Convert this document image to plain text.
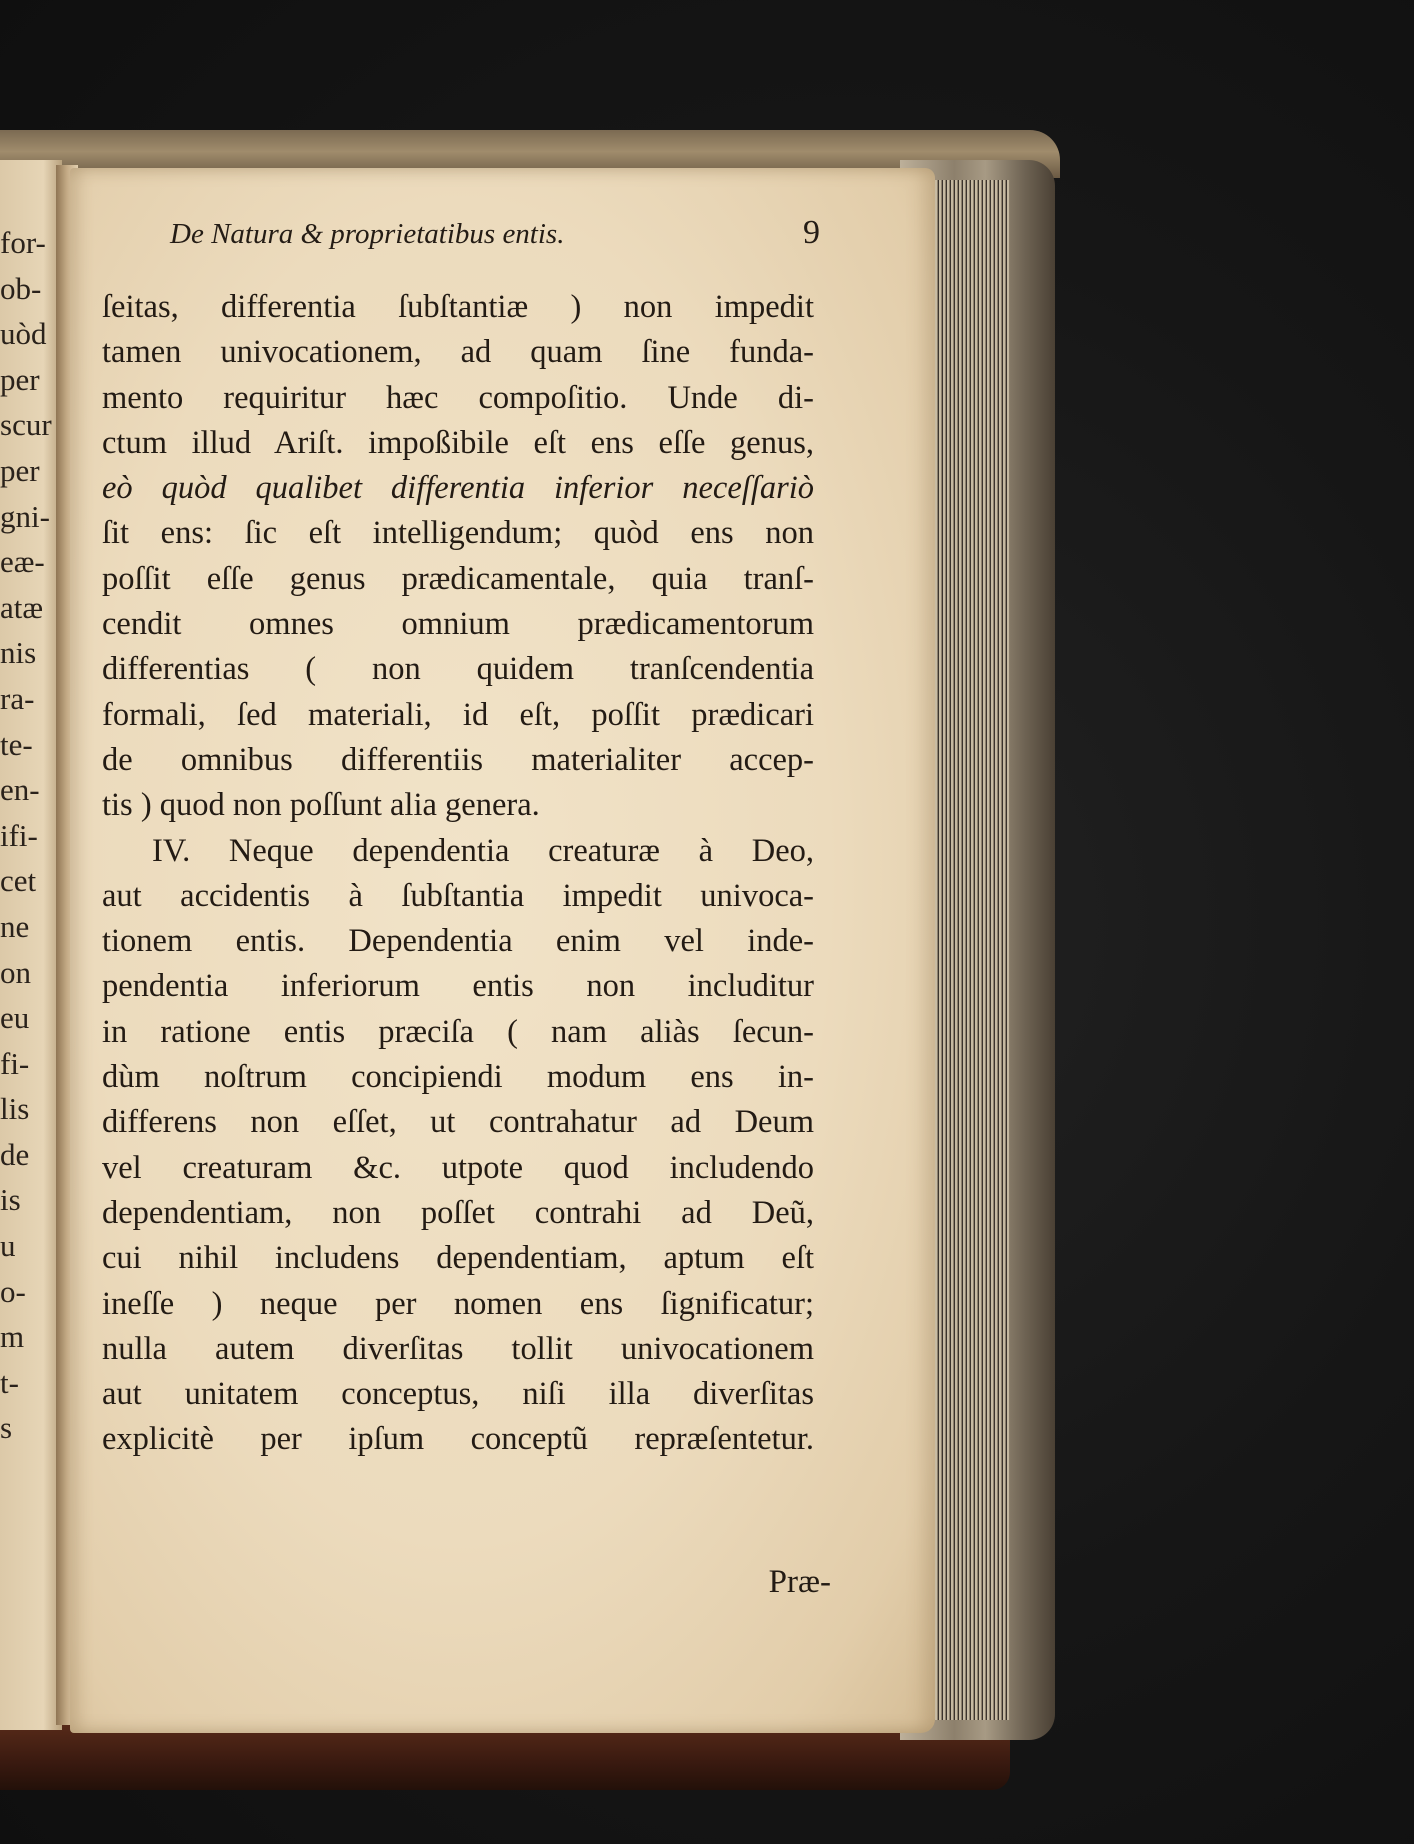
for-
ob-
uòd
per
scur
per
gni-
eæ-
atæ
nis
ra-
te-
en-
ifi-
cet
ne
on
eu
fi-
lis
de
is
u
o-
m
t-
s
De Natura & proprietatibus entis.	9
ſeitas, differentia ſubſtantiæ ) non impedit
tamen univocationem, ad quam ſine funda-
mento requiritur hæc compoſitio. Unde di-
ctum illud Ariſt. impoßibile eſt ens eſſe genus,
eò quòd qualibet differentia inferior neceſſariò
ſit ens: ſic eſt intelligendum; quòd ens non
poſſit eſſe genus prædicamentale, quia tranſ-
cendit omnes omnium prædicamentorum
differentias ( non quidem tranſcendentia
formali, ſed materiali, id eſt, poſſit prædicari
de omnibus differentiis materialiter accep-
tis ) quod non poſſunt alia genera.
IV. Neque dependentia creaturæ à Deo,
aut accidentis à ſubſtantia impedit univoca-
tionem entis. Dependentia enim vel inde-
pendentia inferiorum entis non includitur
in ratione entis præciſa ( nam aliàs ſecun-
dùm noſtrum concipiendi modum ens in-
differens non eſſet, ut contrahatur ad Deum
vel creaturam &c. utpote quod includendo
dependentiam, non poſſet contrahi ad Deũ,
cui nihil includens dependentiam, aptum eſt
ineſſe ) neque per nomen ens ſignificatur;
nulla autem diverſitas tollit univocationem
aut unitatem conceptus, niſi illa diverſitas
explicitè per ipſum conceptũ repræſentetur.
Præ-
